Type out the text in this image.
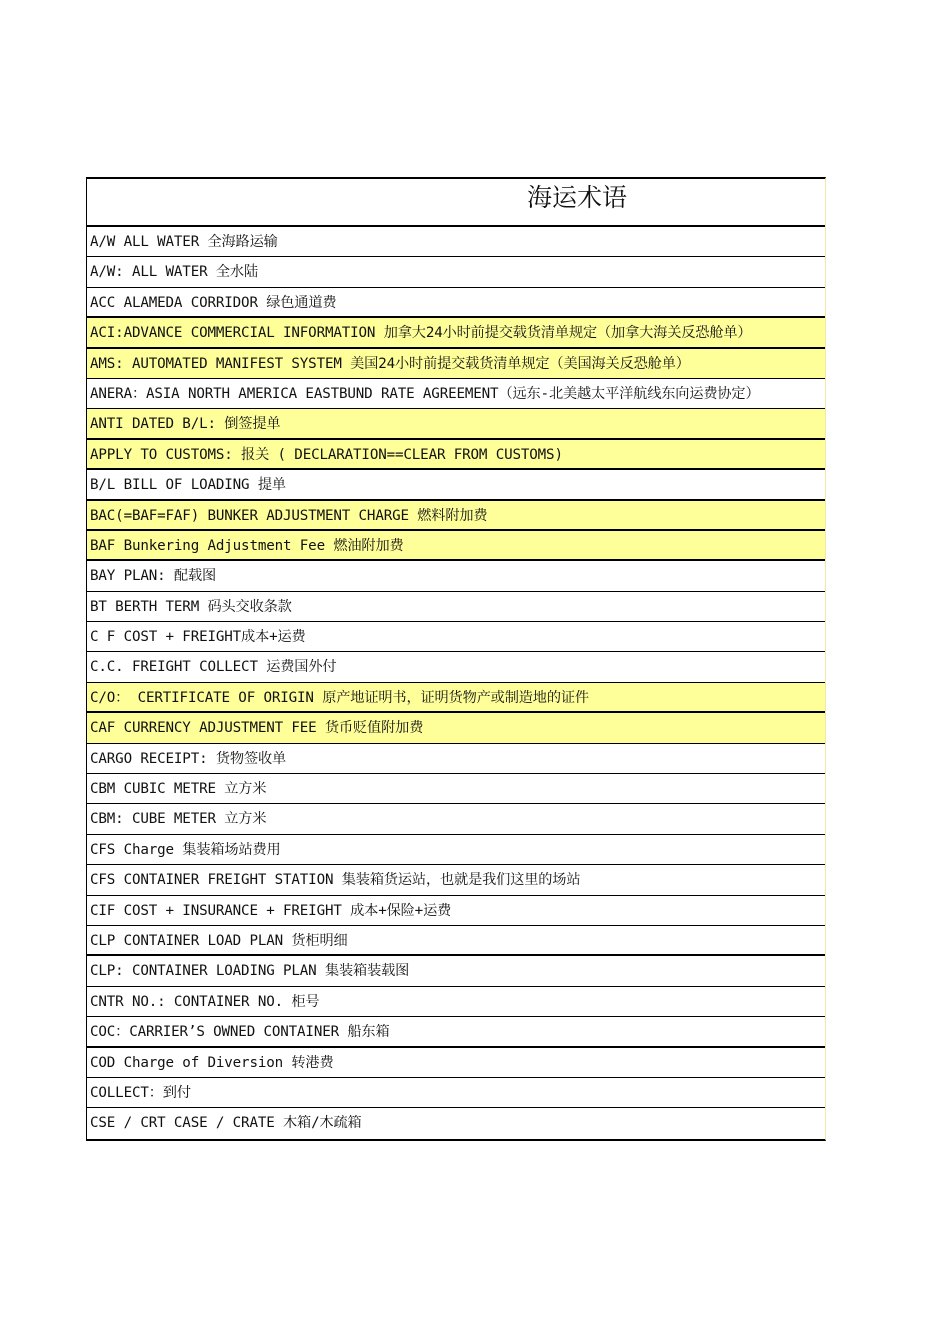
海运术语
A/W ALL WATER 全海路运输
A/W: ALL WATER 全水陆
ACC ALAMEDA CORRIDOR 绿色通道费
ACI:ADVANCE COMMERCIAL INFORMATION 加拿大24小时前提交载货清单规定（加拿大海关反恐舱单）
AMS: AUTOMATED MANIFEST SYSTEM 美国24小时前提交载货清单规定（美国海关反恐舱单）
ANERA：ASIA NORTH AMERICA EASTBUND RATE AGREEMENT（远东-北美越太平洋航线东向运费协定）
ANTI DATED B/L: 倒签提单
APPLY TO CUSTOMS: 报关 ( DECLARATION==CLEAR FROM CUSTOMS)
B/L BILL OF LOADING 提单
BAC(=BAF=FAF) BUNKER ADJUSTMENT CHARGE 燃料附加费
BAF Bunkering Adjustment Fee 燃油附加费
BAY PLAN: 配载图
BT BERTH TERM 码头交收条款
C F COST + FREIGHT成本+运费
C.C. FREIGHT COLLECT 运费国外付
C/O： CERTIFICATE OF ORIGIN 原产地证明书，证明货物产或制造地的证件
CAF CURRENCY ADJUSTMENT FEE 货币贬值附加费
CARGO RECEIPT: 货物签收单
CBM CUBIC METRE 立方米
CBM: CUBE METER 立方米
CFS Charge 集装箱场站费用
CFS CONTAINER FREIGHT STATION 集装箱货运站，也就是我们这里的场站
CIF COST + INSURANCE + FREIGHT 成本+保险+运费
CLP CONTAINER LOAD PLAN 货柜明细
CLP: CONTAINER LOADING PLAN 集装箱装载图
CNTR NO.: CONTAINER NO. 柜号
COC：CARRIER’S OWNED CONTAINER 船东箱
COD Charge of Diversion 转港费
COLLECT：到付
CSE / CRT CASE / CRATE 木箱/木疏箱
